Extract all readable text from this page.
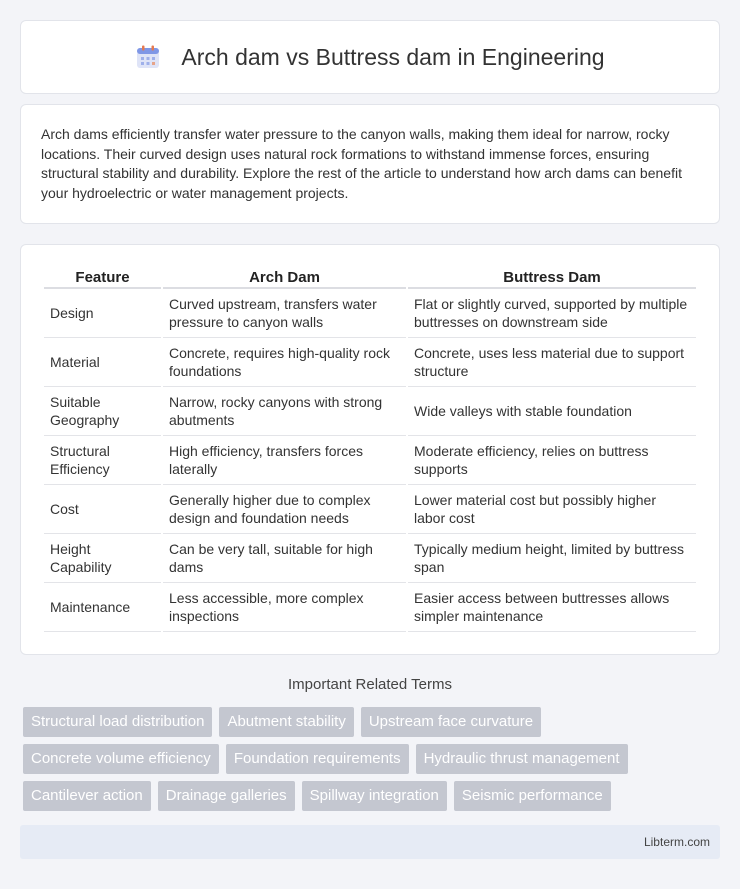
Arch dam vs Buttress dam in Engineering

Arch dams efficiently transfer water pressure to the canyon walls, making them ideal for narrow, rocky locations. Their curved design uses natural rock formations to withstand immense forces, ensuring structural stability and durability. Explore the rest of the article to understand how arch dams can benefit your hydroelectric or water management projects.

Feature	Arch Dam	Buttress Dam
Design	Curved upstream, transfers water pressure to canyon walls	Flat or slightly curved, supported by multiple buttresses on downstream side
Material	Concrete, requires high-quality rock foundations	Concrete, uses less material due to support structure
Suitable Geography	Narrow, rocky canyons with strong abutments	Wide valleys with stable foundation
Structural Efficiency	High efficiency, transfers forces laterally	Moderate efficiency, relies on buttress supports
Cost	Generally higher due to complex design and foundation needs	Lower material cost but possibly higher labor cost
Height Capability	Can be very tall, suitable for high dams	Typically medium height, limited by buttress span
Maintenance	Less accessible, more complex inspections	Easier access between buttresses allows simpler maintenance
Important Related Terms
Structural load distribution	Abutment stability	Upstream face curvature
Concrete volume efficiency	Foundation requirements	Hydraulic thrust management
Cantilever action	Drainage galleries	Spillway integration	Seismic performance
Libterm.com
